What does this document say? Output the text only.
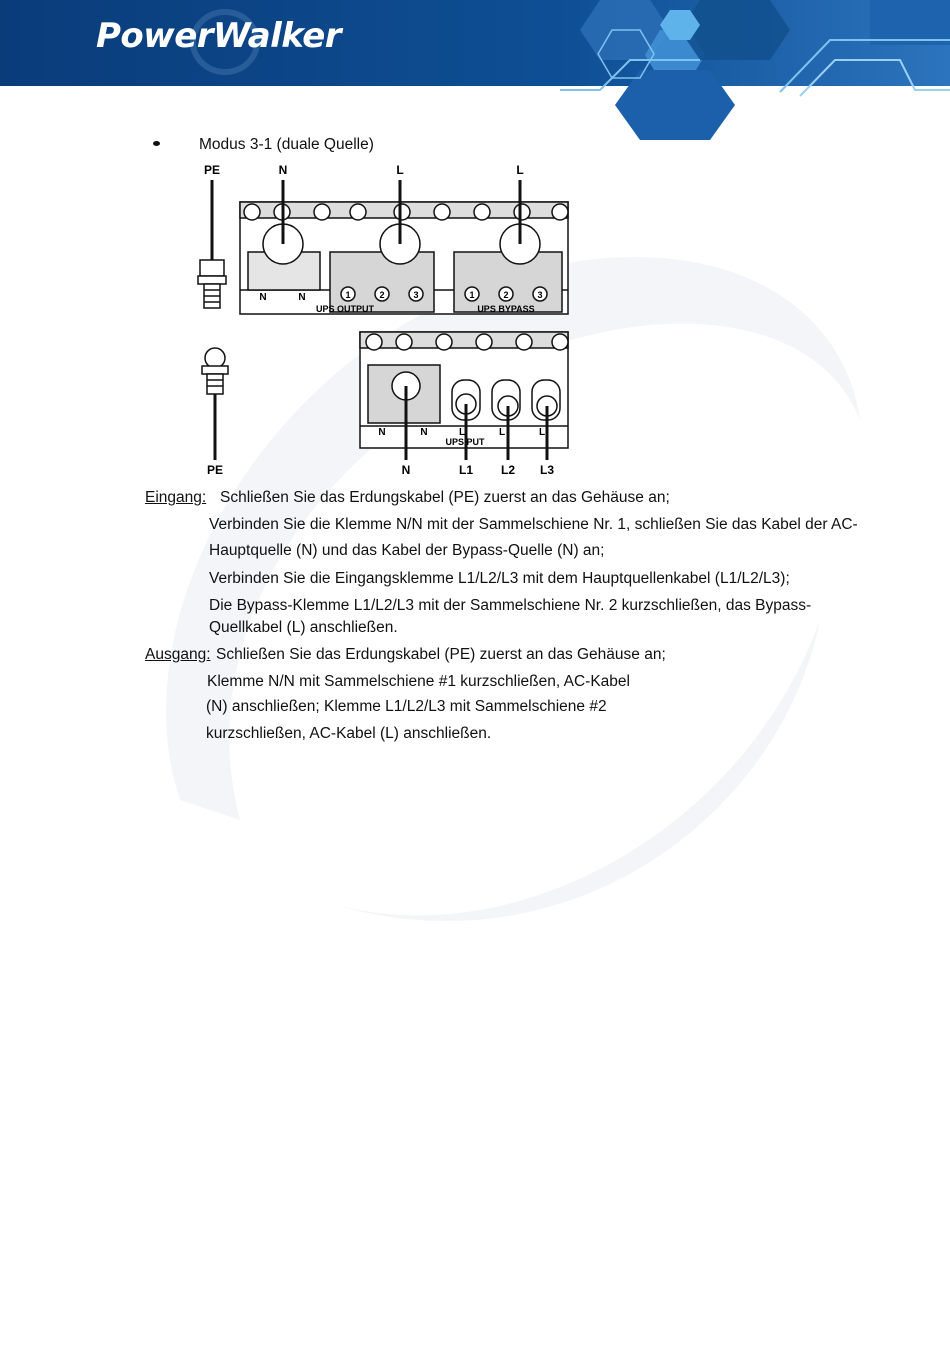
PowerWalker
Modus 3-1 (duale Quelle)
PE	N	L	L
N	N	1	2	3	1	2	3
UPS OUTPUT	UPS BYPASS
N	N	L	L	L
UPS PUT
PE	N	L1 L2 L3
Eingang: Schließen Sie das Erdungskabel (PE) zuerst an das Gehäuse an;
Verbinden Sie die Klemme N/N mit der Sammelschiene Nr. 1, schließen Sie das Kabel der AC-
Hauptquelle (N) und das Kabel der Bypass-Quelle (N) an;
Verbinden Sie die Eingangsklemme L1/L2/L3 mit dem Hauptquellenkabel (L1/L2/L3);
Die Bypass-Klemme L1/L2/L3 mit der Sammelschiene Nr. 2 kurzschließen, das Bypass-
Quellkabel (L) anschließen.
Ausgang: Schließen Sie das Erdungskabel (PE) zuerst an das Gehäuse an;
Klemme N/N mit Sammelschiene #1 kurzschließen, AC-Kabel
(N) anschließen; Klemme L1/L2/L3 mit Sammelschiene #2
kurzschließen, AC-Kabel (L) anschließen.
